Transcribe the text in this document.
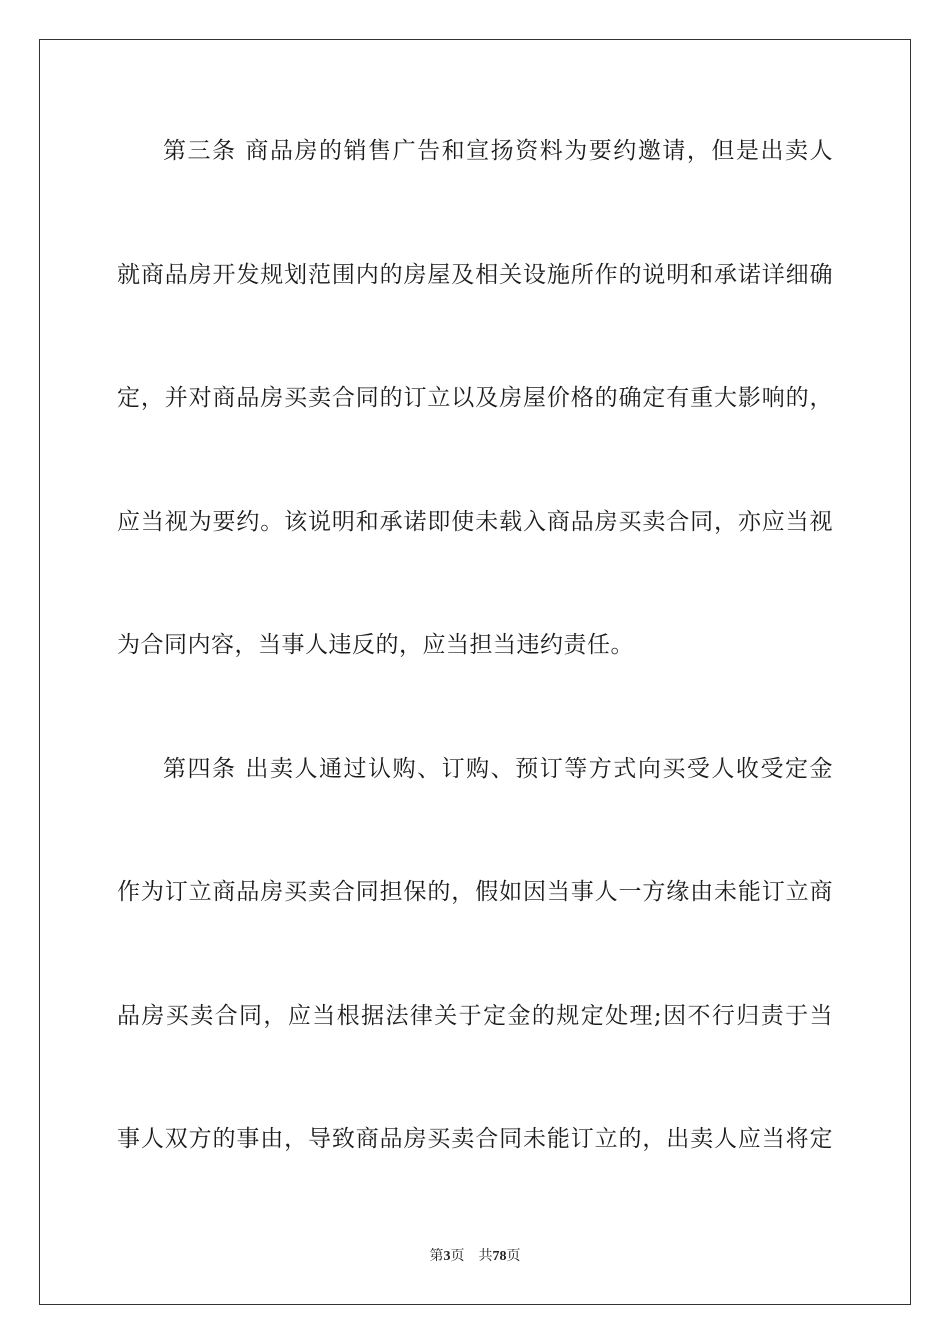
第三条 商品房的销售广告和宣扬资料为要约邀请，但是出卖人
就商品房开发规划范围内的房屋及相关设施所作的说明和承诺详细确
定，并对商品房买卖合同的订立以及房屋价格的确定有重大影响的，
应当视为要约。该说明和承诺即使未载入商品房买卖合同，亦应当视
为合同内容，当事人违反的，应当担当违约责任。
第四条 出卖人通过认购、订购、预订等方式向买受人收受定金
作为订立商品房买卖合同担保的，假如因当事人一方缘由未能订立商
品房买卖合同，应当根据法律关于定金的规定处理;因不行归责于当
事人双方的事由，导致商品房买卖合同未能订立的，出卖人应当将定
第3页 共78页
